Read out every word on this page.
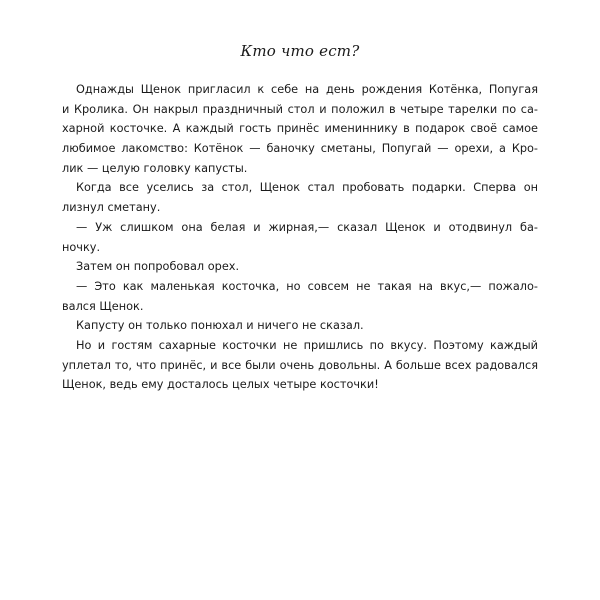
Кто что ест?
Однажды Щенок пригласил к себе на день рождения Котёнка, Попугая
и Кролика. Он накрыл праздничный стол и положил в четыре тарелки по са-
харной косточке. А каждый гость принёс имениннику в подарок своё самое
любимое лакомство: Котёнок — баночку сметаны, Попугай — орехи, а Кро-
лик — целую головку капусты.
Когда все уселись за стол, Щенок стал пробовать подарки. Сперва он
лизнул сметану.
— Уж слишком она белая и жирная,— сказал Щенок и отодвинул ба-
ночку.
Затем он попробовал орех.
— Это как маленькая косточка, но совсем не такая на вкус,— пожало-
вался Щенок.
Капусту он только понюхал и ничего не сказал.
Но и гостям сахарные косточки не пришлись по вкусу. Поэтому каждый
уплетал то, что принёс, и все были очень довольны. А больше всех радовался
Щенок, ведь ему досталось целых четыре косточки!
